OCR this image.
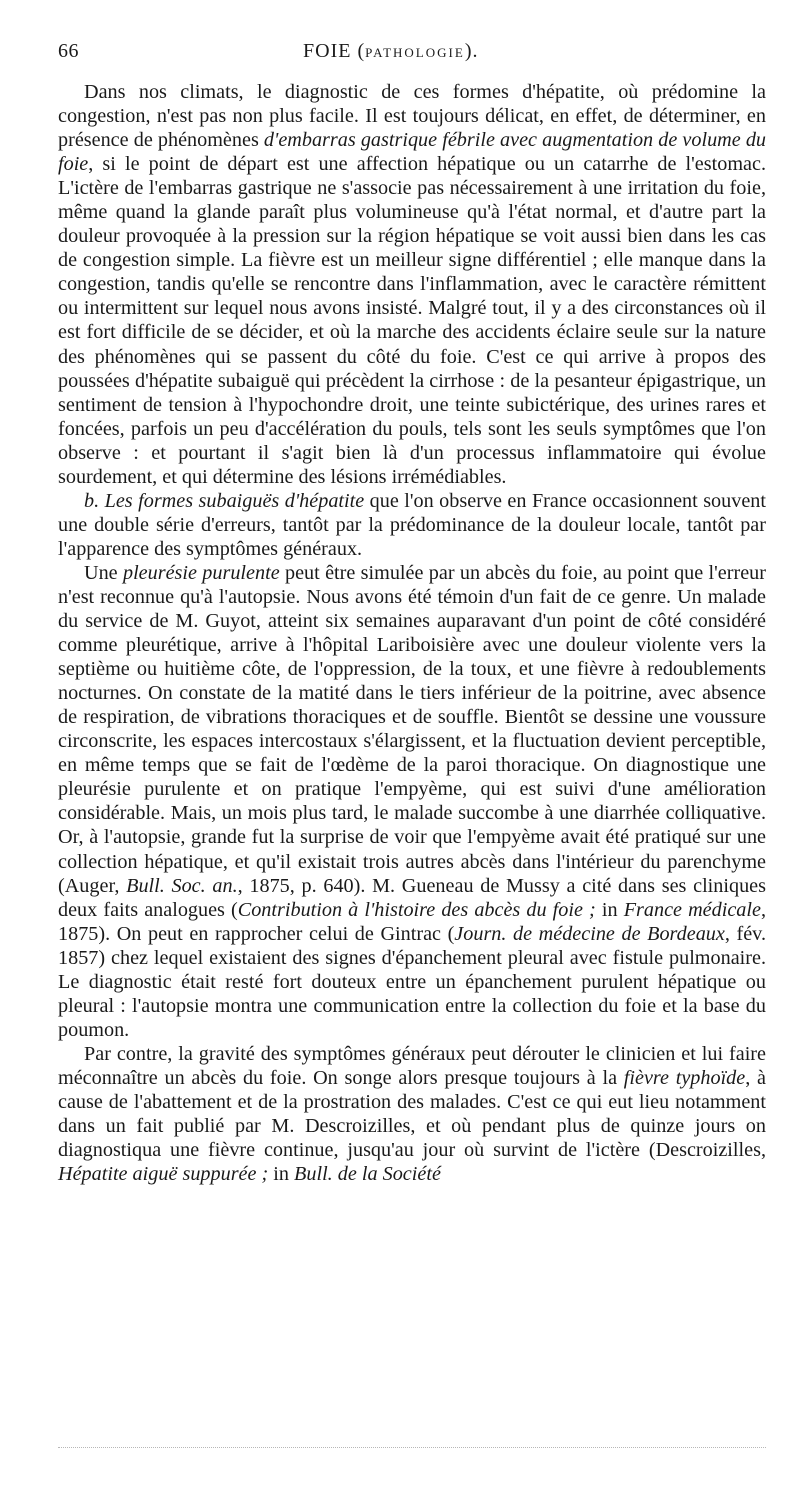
66	FOIE (PATHOLOGIE).

Dans nos climats, le diagnostic de ces formes d'hépatite, où prédomine la congestion, n'est pas non plus facile. Il est toujours délicat, en effet, de déterminer, en présence de phénomènes d'embarras gastrique fébrile avec augmentation de volume du foie, si le point de départ est une affection hépatique ou un catarrhe de l'estomac. L'ictère de l'embarras gastrique ne s'associe pas nécessairement à une irritation du foie, même quand la glande paraît plus volumineuse qu'à l'état normal, et d'autre part la douleur provoquée à la pression sur la région hépatique se voit aussi bien dans les cas de congestion simple. La fièvre est un meilleur signe différentiel ; elle manque dans la congestion, tandis qu'elle se rencontre dans l'inflammation, avec le caractère rémittent ou intermittent sur lequel nous avons insisté. Malgré tout, il y a des circonstances où il est fort difficile de se décider, et où la marche des accidents éclaire seule sur la nature des phénomènes qui se passent du côté du foie. C'est ce qui arrive à propos des poussées d'hépatite subaiguë qui précèdent la cirrhose : de la pesanteur épigastrique, un sentiment de tension à l'hypochondre droit, une teinte subictérique, des urines rares et foncées, parfois un peu d'accélération du pouls, tels sont les seuls symptômes que l'on observe : et pourtant il s'agit bien là d'un processus inflammatoire qui évolue sourdement, et qui détermine des lésions irrémédiables.

b. Les formes subaiguës d'hépatite que l'on observe en France occasionnent souvent une double série d'erreurs, tantôt par la prédominance de la douleur locale, tantôt par l'apparence des symptômes généraux.

Une pleurésie purulente peut être simulée par un abcès du foie, au point que l'erreur n'est reconnue qu'à l'autopsie. Nous avons été témoin d'un fait de ce genre. Un malade du service de M. Guyot, atteint six semaines auparavant d'un point de côté considéré comme pleurétique, arrive à l'hôpital Lariboisière avec une douleur violente vers la septième ou huitième côte, de l'oppression, de la toux, et une fièvre à redoublements nocturnes. On constate de la matité dans le tiers inférieur de la poitrine, avec absence de respiration, de vibrations thoraciques et de souffle. Bientôt se dessine une voussure circonscrite, les espaces intercostaux s'élargissent, et la fluctuation devient perceptible, en même temps que se fait de l'œdème de la paroi thoracique. On diagnostique une pleurésie purulente et on pratique l'empyème, qui est suivi d'une amélioration considérable. Mais, un mois plus tard, le malade succombe à une diarrhée colliquative. Or, à l'autopsie, grande fut la surprise de voir que l'empyème avait été pratiqué sur une collection hépatique, et qu'il existait trois autres abcès dans l'intérieur du parenchyme (Auger, Bull. Soc. an., 1875, p. 640). M. Gueneau de Mussy a cité dans ses cliniques deux faits analogues (Contribution à l'histoire des abcès du foie ; in France médicale, 1875). On peut en rapprocher celui de Gintrac (Journ. de médecine de Bordeaux, fév. 1857) chez lequel existaient des signes d'épanchement pleural avec fistule pulmonaire. Le diagnostic était resté fort douteux entre un épanchement purulent hépatique ou pleural : l'autopsie montra une communication entre la collection du foie et la base du poumon.

Par contre, la gravité des symptômes généraux peut dérouter le clinicien et lui faire méconnaître un abcès du foie. On songe alors presque toujours à la fièvre typhoïde, à cause de l'abattement et de la prostration des malades. C'est ce qui eut lieu notamment dans un fait publié par M. Descroizilles, et où pendant plus de quinze jours on diagnostiqua une fièvre continue, jusqu'au jour où survint de l'ictère (Descroizilles, Hépatite aiguë suppurée ; in Bull. de la Société
